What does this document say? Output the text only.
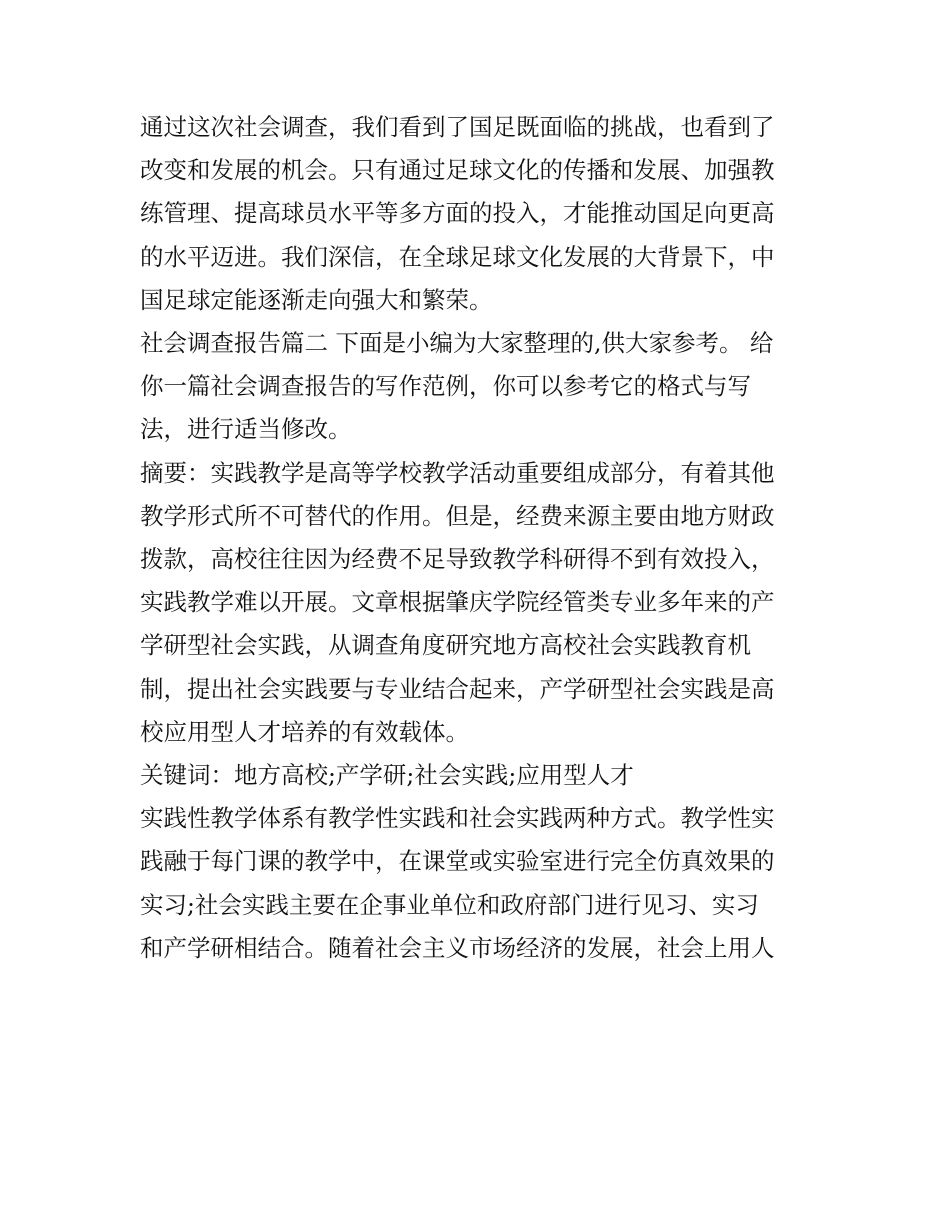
通过这次社会调查，我们看到了国足既面临的挑战，也看到了
改变和发展的机会。只有通过足球文化的传播和发展、加强教
练管理、提高球员水平等多方面的投入，才能推动国足向更高
的水平迈进。我们深信，在全球足球文化发展的大背景下，中
国足球定能逐渐走向强大和繁荣。

社会调查报告篇二 下面是小编为大家整理的,供大家参考。 给
你一篇社会调查报告的写作范例，你可以参考它的格式与写
法，进行适当修改。

摘要：实践教学是高等学校教学活动重要组成部分，有着其他
教学形式所不可替代的作用。但是，经费来源主要由地方财政
拨款，高校往往因为经费不足导致教学科研得不到有效投入，
实践教学难以开展。文章根据肇庆学院经管类专业多年来的产
学研型社会实践，从调查角度研究地方高校社会实践教育机
制，提出社会实践要与专业结合起来，产学研型社会实践是高
校应用型人才培养的有效载体。

关键词：地方高校;产学研;社会实践;应用型人才

实践性教学体系有教学性实践和社会实践两种方式。教学性实
践融于每门课的教学中，在课堂或实验室进行完全仿真效果的
实习;社会实践主要在企事业单位和政府部门进行见习、实习
和产学研相结合。随着社会主义市场经济的发展，社会上用人
